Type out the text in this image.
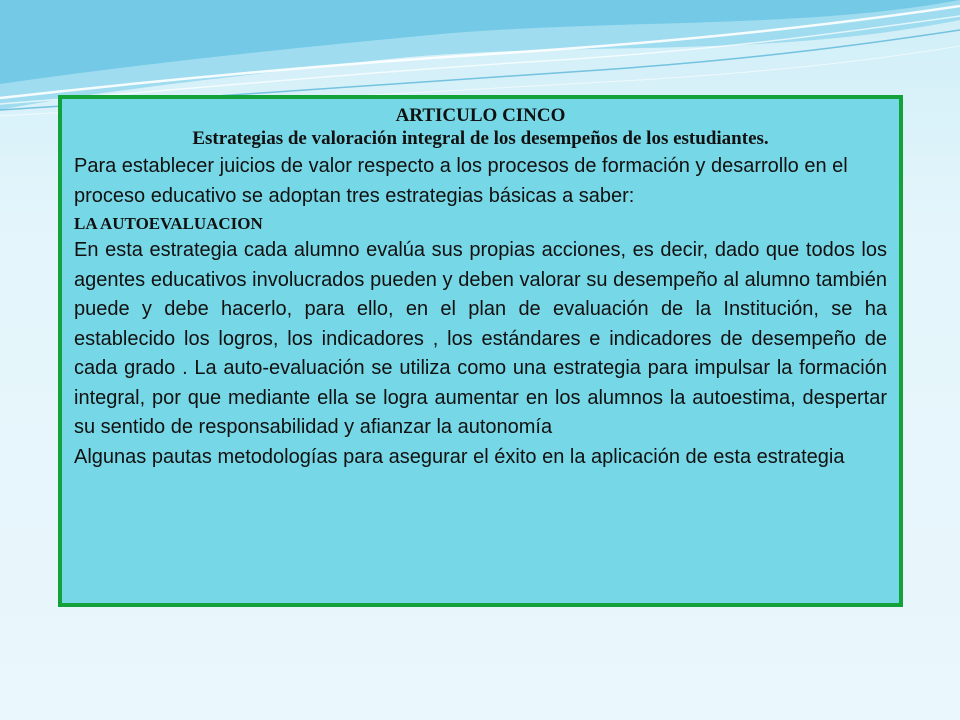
ARTICULO CINCO

Estrategias de valoración integral de los desempeños de los estudiantes.

Para establecer juicios de valor respecto a los procesos de formación y desarrollo en el proceso educativo se adoptan tres estrategias básicas a saber:

LA AUTOEVALUACION

En esta estrategia cada alumno evalúa sus propias acciones, es decir, dado que todos los agentes educativos involucrados pueden y deben valorar su desempeño al alumno también puede y debe hacerlo, para ello, en el plan de evaluación de la Institución, se ha establecido los logros, los indicadores , los estándares e indicadores de desempeño de cada grado . La auto-evaluación se utiliza como una estrategia para impulsar la formación integral, por que mediante ella se logra aumentar en los alumnos la autoestima, despertar su sentido de responsabilidad y afianzar la autonomía

Algunas pautas metodologías para asegurar el éxito en la aplicación de esta estrategia
